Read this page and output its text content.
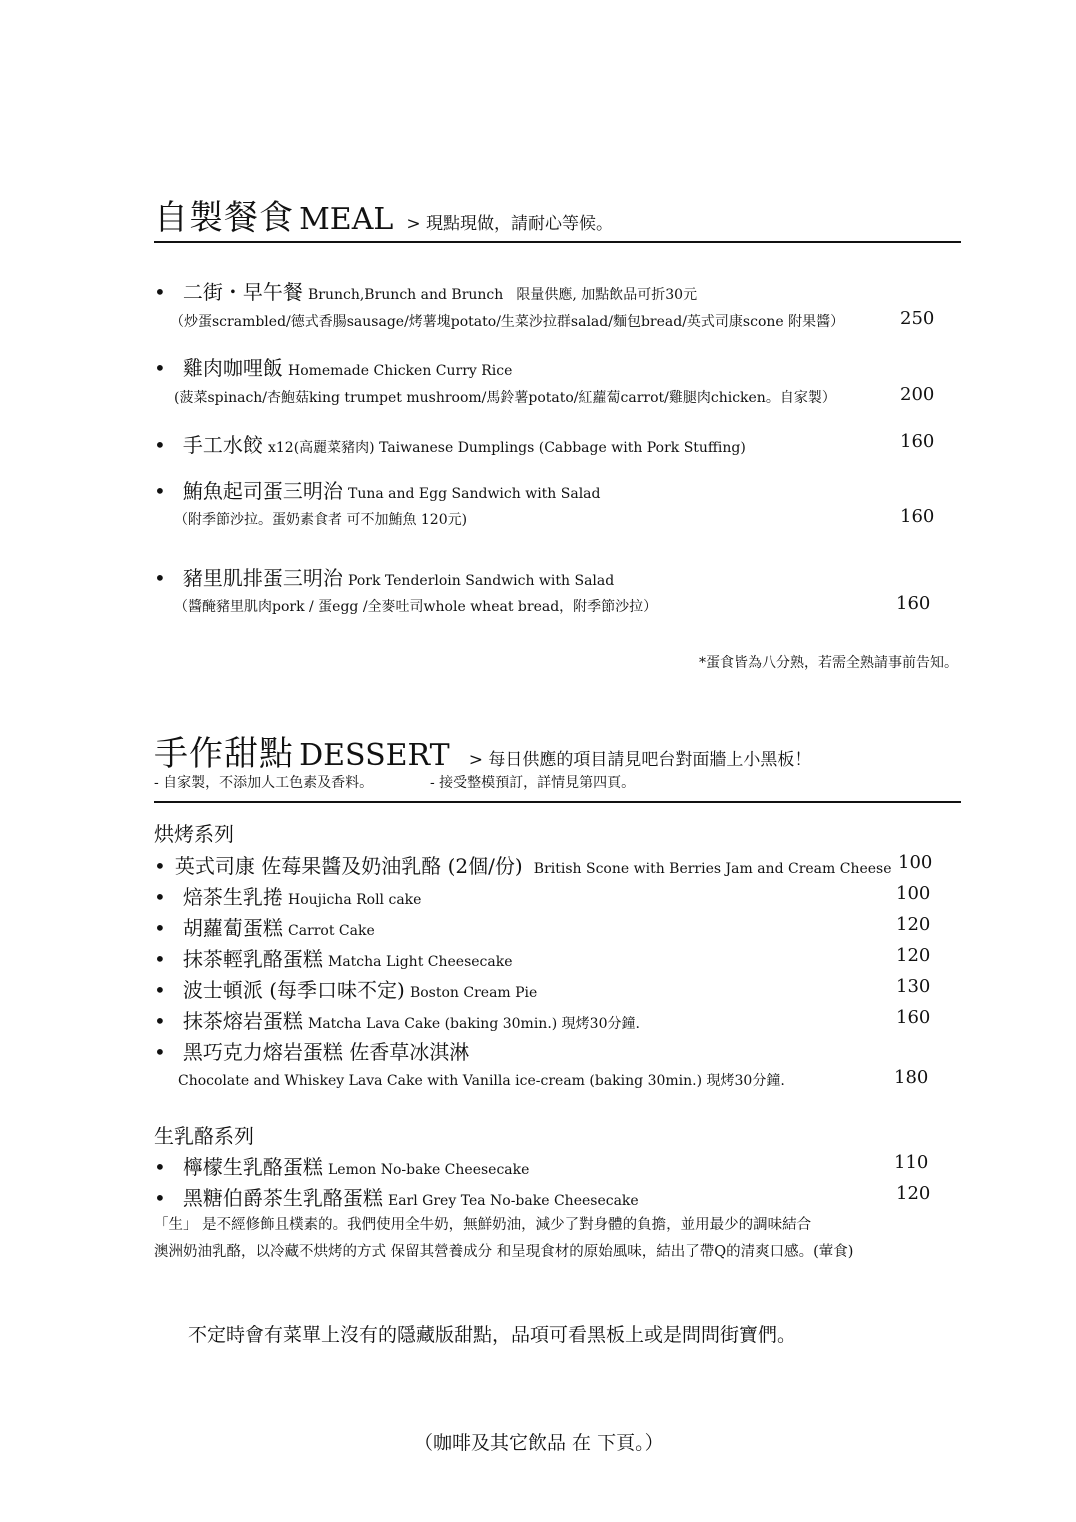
自製餐食 MEAL > 現點現做，請耐心等候。
• 二街・早午餐 Brunch,Brunch and Brunch 限量供應, 加點飲品可折30元
（炒蛋scrambled/德式香腸sausage/烤薯塊potato/生菜沙拉群salad/麵包bread/英式司康scone 附果醬）	250
• 雞肉咖哩飯 Homemade Chicken Curry Rice
(菠菜spinach/杏鮑菇king trumpet mushroom/馬鈴薯potato/紅蘿蔔carrot/雞腿肉chicken。自家製）	200
• 手工水餃 x12(高麗菜豬肉) Taiwanese Dumplings (Cabbage with Pork Stuffing)	160
• 鮪魚起司蛋三明治 Tuna and Egg Sandwich with Salad
（附季節沙拉。蛋奶素食者 可不加鮪魚 120元)	160
• 豬里肌排蛋三明治 Pork Tenderloin Sandwich with Salad
（醬醃豬里肌肉pork / 蛋egg /全麥吐司whole wheat bread，附季節沙拉）	160
*蛋食皆為八分熟，若需全熟請事前告知。
手作甜點 DESSERT > 每日供應的項目請見吧台對面牆上小黑板！
- 自家製，不添加人工色素及香料。	- 接受整模預訂，詳情見第四頁。
烘烤系列
• 英式司康 佐莓果醬及奶油乳酪 (2個/份) British Scone with Berries Jam and Cream Cheese 100
• 焙茶生乳捲 Houjicha Roll cake	100
• 胡蘿蔔蛋糕 Carrot Cake	120
• 抹茶輕乳酪蛋糕 Matcha Light Cheesecake	120
• 波士頓派 (每季口味不定) Boston Cream Pie	130
• 抹茶熔岩蛋糕 Matcha Lava Cake (baking 30min.) 現烤30分鐘.	160
• 黑巧克力熔岩蛋糕 佐香草冰淇淋
Chocolate and Whiskey Lava Cake with Vanilla ice-cream (baking 30min.) 現烤30分鐘.	180
生乳酪系列
• 檸檬生乳酪蛋糕 Lemon No-bake Cheesecake	110
• 黑糖伯爵茶生乳酪蛋糕 Earl Grey Tea No-bake Cheesecake	120
「生」 是不經修飾且樸素的。我們使用全牛奶，無鮮奶油，減少了對身體的負擔，並用最少的調味結合
澳洲奶油乳酪，以冷藏不烘烤的方式 保留其營養成分 和呈現食材的原始風味，結出了帶Q的清爽口感。(葷食)
不定時會有菜單上沒有的隱藏版甜點，品項可看黑板上或是問問街寶們。
（咖啡及其它飲品 在 下頁。）
